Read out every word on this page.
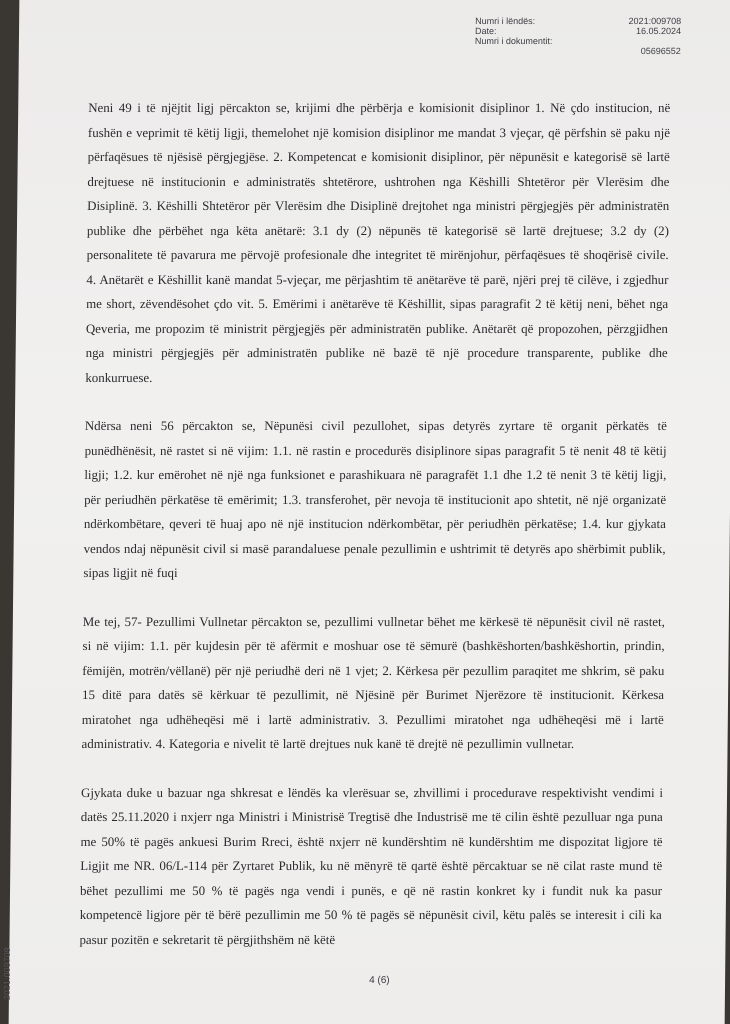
Numri i lëndës:	2021:009708
Date:	16.05.2024
Numri i dokumentit:
05696552

Neni 49 i të njëjtit ligj përcakton se, krijimi dhe përbërja e komisionit disiplinor 1. Në çdo institucion, në fushën e veprimit të këtij ligji, themelohet një komision disiplinor me mandat 3 vjeçar, që përfshin së paku një përfaqësues të njësisë përgjegjëse. 2. Kompetencat e komisionit disiplinor, për nëpunësit e kategorisë së lartë drejtuese në institucionin e administratës shtetërore, ushtrohen nga Këshilli Shtetëror për Vlerësim dhe Disiplinë. 3. Këshilli Shtetëror për Vlerësim dhe Disiplinë drejtohet nga ministri përgjegjës për administratën publike dhe përbëhet nga këta anëtarë: 3.1 dy (2) nëpunës të kategorisë së lartë drejtuese; 3.2 dy (2) personalitete të pavarura me përvojë profesionale dhe integritet të mirënjohur, përfaqësues të shoqërisë civile. 4. Anëtarët e Këshillit kanë mandat 5-vjeçar, me përjashtim të anëtarëve të parë, njëri prej të cilëve, i zgjedhur me short, zëvendësohet çdo vit. 5. Emërimi i anëtarëve të Këshillit, sipas paragrafit 2 të këtij neni, bëhet nga Qeveria, me propozim të ministrit përgjegjës për administratën publike. Anëtarët që propozohen, përzgjidhen nga ministri përgjegjës për administratën publike në bazë të një procedure transparente, publike dhe konkurruese.

Ndërsa neni 56 përcakton se, Nëpunësi civil pezullohet, sipas detyrës zyrtare të organit përkatës të punëdhënësit, në rastet si në vijim: 1.1. në rastin e procedurës disiplinore sipas paragrafit 5 të nenit 48 të këtij ligji; 1.2. kur emërohet në një nga funksionet e parashikuara në paragrafët 1.1 dhe 1.2 të nenit 3 të këtij ligji, për periudhën përkatëse të emërimit; 1.3. transferohet, për nevoja të institucionit apo shtetit, në një organizatë ndërkombëtare, qeveri të huaj apo në një institucion ndërkombëtar, për periudhën përkatëse; 1.4. kur gjykata vendos ndaj nëpunësit civil si masë parandaluese penale pezullimin e ushtrimit të detyrës apo shërbimit publik, sipas ligjit në fuqi

Me tej, 57- Pezullimi Vullnetar përcakton se, pezullimi vullnetar bëhet me kërkesë të nëpunësit civil në rastet, si në vijim: 1.1. për kujdesin për të afërmit e moshuar ose të sëmurë (bashkëshorten/bashkëshortin, prindin, fëmijën, motrën/vëllanë) për një periudhë deri në 1 vjet; 2. Kërkesa për pezullim paraqitet me shkrim, së paku 15 ditë para datës së kërkuar të pezullimit, në Njësinë për Burimet Njerëzore të institucionit. Kërkesa miratohet nga udhëheqësi më i lartë administrativ. 3. Pezullimi miratohet nga udhëheqësi më i lartë administrativ. 4. Kategoria e nivelit të lartë drejtues nuk kanë të drejtë në pezullimin vullnetar.

Gjykata duke u bazuar nga shkresat e lëndës ka vlerësuar se, zhvillimi i procedurave respektivisht vendimi i datës 25.11.2020 i nxjerr nga Ministri i Ministrisë Tregtisë dhe Industrisë me të cilin është pezulluar nga puna me 50% të pagës ankuesi Burim Rreci, është nxjerr në kundërshtim në kundërshtim me dispozitat ligjore të Ligjit me NR. 06/L-114 për Zyrtaret Publik, ku në mënyrë të qartë është përcaktuar se në cilat raste mund të bëhet pezullimi me 50 % të pagës nga vendi i punës, e që në rastin konkret ky i fundit nuk ka pasur kompetencë ligjore për të bërë pezullimin me 50 % të pagës së nëpunësit civil, këtu palës se interesit i cili ka pasur pozitën e sekretarit të përgjithshëm në këtë

4 (6)
2021:009709
